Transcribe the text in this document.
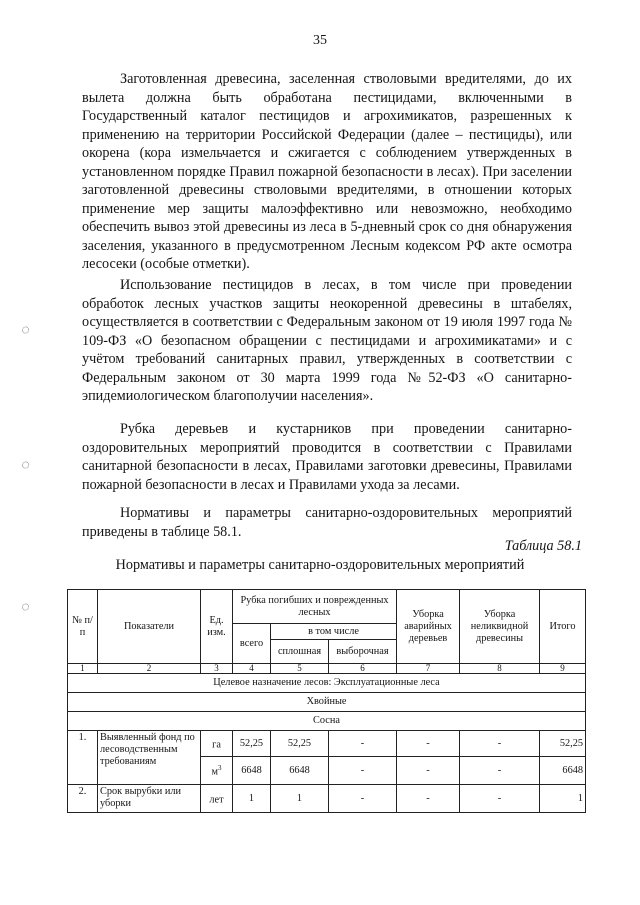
35
◌
◌
◌
Заготовленная древесина, заселенная стволовыми вредителями, до их вылета должна быть обработана пестицидами, включенными в Государственный каталог пестицидов и агрохимикатов, разрешенных к применению на территории Российской Федерации (далее – пестициды), или окорена (кора измельчается и сжигается с соблюдением утвержденных в установленном порядке Правил пожарной безопасности в лесах). При заселении заготовленной древесины стволовыми вредителями, в отношении которых применение мер защиты малоэффективно или невозможно, необходимо обеспечить вывоз этой древесины из леса в 5-дневный срок со дня обнаружения заселения, указанного в предусмотренном Лесным кодексом РФ акте осмотра лесосеки (особые отметки).
Использование пестицидов в лесах, в том числе при проведении обработок лесных участков защиты неокоренной древесины в штабелях, осуществляется в соответствии с Федеральным законом от 19 июля 1997 года № 109-ФЗ «О безопасном обращении с пестицидами и агрохимикатами» и с учётом требований санитарных правил, утвержденных в соответствии с Федеральным законом от 30 марта 1999 года №52-ФЗ «О санитарно-эпидемиологическом благополучии населения».
Рубка деревьев и кустарников при проведении санитарно-оздоровительных мероприятий проводится в соответствии с Правилами санитарной безопасности в лесах, Правилами заготовки древесины, Правилами пожарной безопасности в лесах и Правилами ухода за лесами.
Нормативы и параметры санитарно-оздоровительных мероприятий приведены в таблице 58.1.
Таблица 58.1
Нормативы и параметры санитарно-оздоровительных мероприятий
№ п/п	Показатели	Ед. изм.	Рубка погибших и поврежденных лесных			Уборка аварийных деревьев	Уборка неликвидной древесины	Итого
			всего	в том числе				
				сплошная	выборочная			
1	2	3	4	5	6	7	8	9
Целевое назначение лесов: Эксплуатационные леса								
Хвойные								
Сосна								
1.	Выявленный фонд по лесоводственным требованиям	га	52,25	52,25	-	-	-	52,25
		$м^3$	6648	6648	-	-	-	6648
2.	Срок вырубки или уборки	лет	1	1	-	-	-	1
